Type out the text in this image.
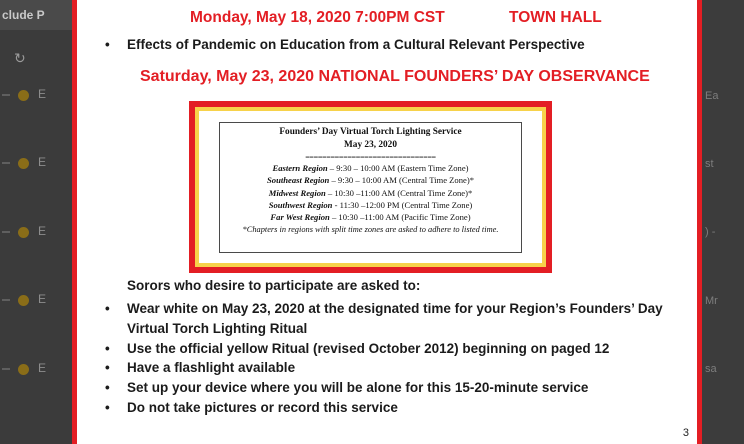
clude P
↻
E
E
E
E
E
Ea
st
) -
Mr
sa
Monday, May 18, 2020 7:00PM CST	TOWN HALL
• Effects of Pandemic on Education from a Cultural Relevant Perspective
Saturday, May 23, 2020 NATIONAL FOUNDERS’ DAY OBSERVANCE
Founders’ Day Virtual Torch Lighting Service
May 23, 2020
===============================
Eastern Region – 9:30 – 10:00 AM (Eastern Time Zone)
Southeast Region – 9:30 – 10:00 AM (Central Time Zone)*
Midwest Region – 10:30 –11:00 AM (Central Time Zone)*
Southwest Region - 11:30 –12:00 PM (Central Time Zone)
Far West Region – 10:30 –11:00 AM (Pacific Time Zone)
*Chapters in regions with split time zones are asked to adhere to listed time.
Sorors who desire to participate are asked to:
• Wear white on May 23, 2020 at the designated time for your Region’s Founders’ Day Virtual Torch Lighting Ritual
• Use the official yellow Ritual (revised October 2012) beginning on paged 12
• Have a flashlight available
• Set up your device where you will be alone for this 15-20-minute service
• Do not take pictures or record this service
3
